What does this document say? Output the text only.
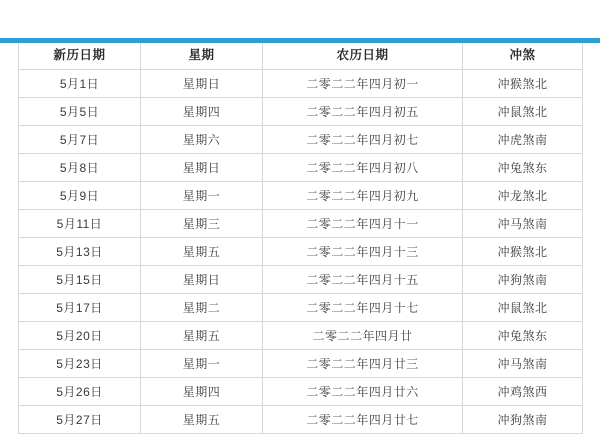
新历日期	星期	农历日期	冲煞
5月1日	星期日	二零二二年四月初一	冲猴煞北
5月5日	星期四	二零二二年四月初五	冲鼠煞北
5月7日	星期六	二零二二年四月初七	冲虎煞南
5月8日	星期日	二零二二年四月初八	冲兔煞东
5月9日	星期一	二零二二年四月初九	冲龙煞北
5月11日	星期三	二零二二年四月十一	冲马煞南
5月13日	星期五	二零二二年四月十三	冲猴煞北
5月15日	星期日	二零二二年四月十五	冲狗煞南
5月17日	星期二	二零二二年四月十七	冲鼠煞北
5月20日	星期五	二零二二年四月廿	冲兔煞东
5月23日	星期一	二零二二年四月廿三	冲马煞南
5月26日	星期四	二零二二年四月廿六	冲鸡煞西
5月27日	星期五	二零二二年四月廿七	冲狗煞南
